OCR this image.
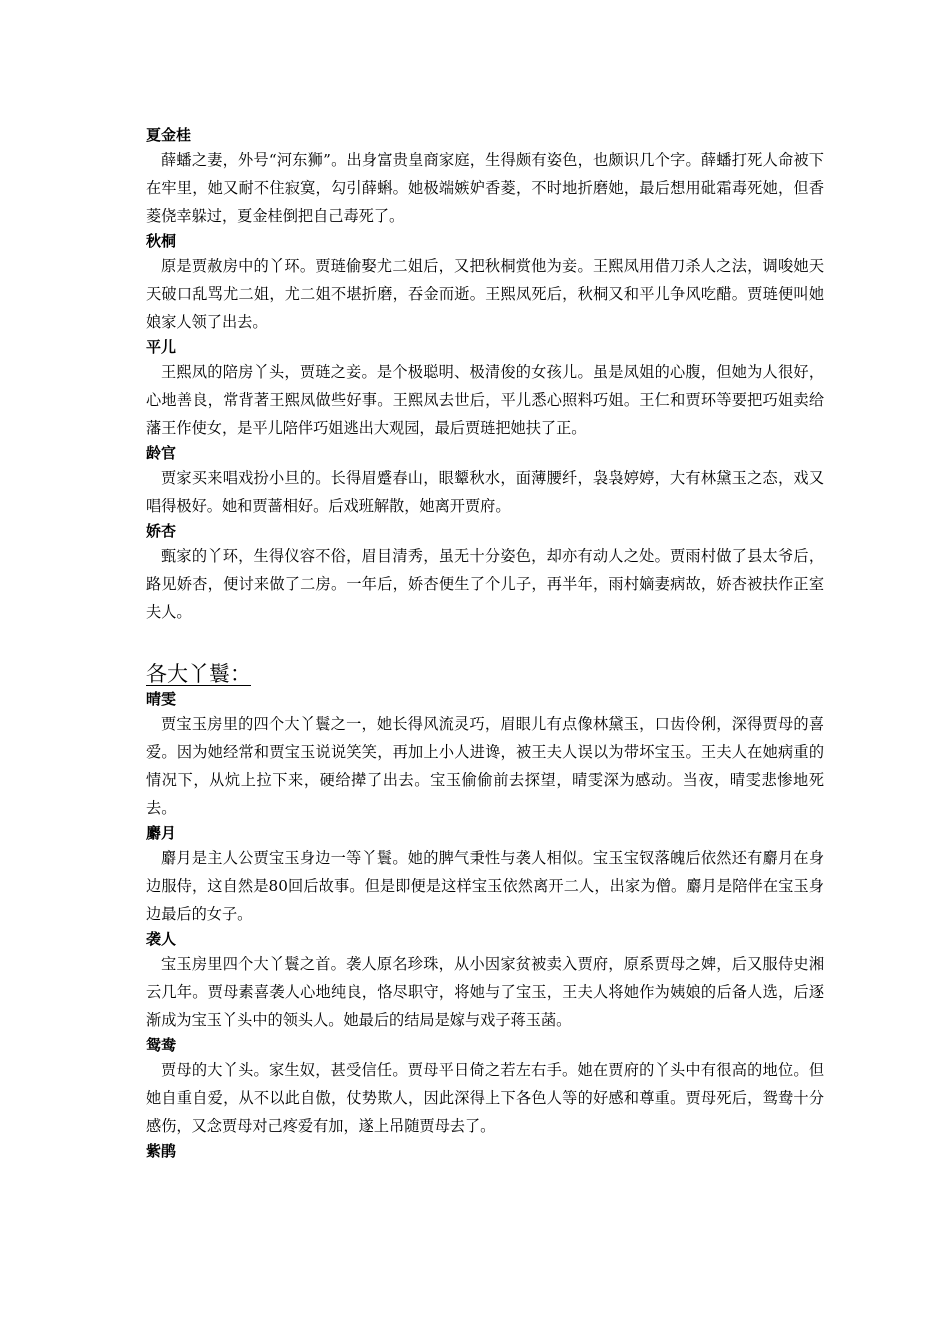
夏金桂

薛蟠之妻，外号“河东狮”。出身富贵皇商家庭，生得颇有姿色，也颇识几个字。薛蟠打死人命被下在牢里，她又耐不住寂寞，勾引薛蝌。她极端嫉妒香菱，不时地折磨她，最后想用砒霜毒死她，但香菱侥幸躲过，夏金桂倒把自己毒死了。

秋桐

原是贾赦房中的丫环。贾琏偷娶尤二姐后，又把秋桐赏他为妾。王熙凤用借刀杀人之法，调唆她天天破口乱骂尤二姐，尤二姐不堪折磨，吞金而逝。王熙凤死后，秋桐又和平儿争风吃醋。贾琏便叫她娘家人领了出去。

平儿

王熙凤的陪房丫头，贾琏之妾。是个极聪明、极清俊的女孩儿。虽是凤姐的心腹，但她为人很好，心地善良，常背著王熙凤做些好事。王熙凤去世后，平儿悉心照料巧姐。王仁和贾环等要把巧姐卖给藩王作使女，是平儿陪伴巧姐逃出大观园，最后贾琏把她扶了正。

龄官

贾家买来唱戏扮小旦的。长得眉蹙春山，眼颦秋水，面薄腰纤，袅袅婷婷，大有林黛玉之态，戏又唱得极好。她和贾蔷相好。后戏班解散，她离开贾府。

娇杏

甄家的丫环，生得仪容不俗，眉目清秀，虽无十分姿色，却亦有动人之处。贾雨村做了县太爷后，路见娇杏，便讨来做了二房。一年后，娇杏便生了个儿子，再半年，雨村嫡妻病故，娇杏被扶作正室夫人。

各大丫鬟：
晴雯

贾宝玉房里的四个大丫鬟之一，她长得风流灵巧，眉眼儿有点像林黛玉，口齿伶俐，深得贾母的喜爱。因为她经常和贾宝玉说说笑笑，再加上小人进谗，被王夫人误以为带坏宝玉。王夫人在她病重的情况下，从炕上拉下来，硬给撵了出去。宝玉偷偷前去探望，晴雯深为感动。当夜，晴雯悲惨地死去。

麝月

麝月是主人公贾宝玉身边一等丫鬟。她的脾气秉性与袭人相似。宝玉宝钗落魄后依然还有麝月在身边服侍，这自然是80回后故事。但是即便是这样宝玉依然离开二人，出家为僧。麝月是陪伴在宝玉身边最后的女子。

袭人

宝玉房里四个大丫鬟之首。袭人原名珍珠，从小因家贫被卖入贾府，原系贾母之婢，后又服侍史湘云几年。贾母素喜袭人心地纯良，恪尽职守，将她与了宝玉，王夫人将她作为姨娘的后备人选，后逐渐成为宝玉丫头中的领头人。她最后的结局是嫁与戏子蒋玉菡。

鸳鸯

贾母的大丫头。家生奴，甚受信任。贾母平日倚之若左右手。她在贾府的丫头中有很高的地位。但她自重自爱，从不以此自傲，仗势欺人，因此深得上下各色人等的好感和尊重。贾母死后，鸳鸯十分感伤，又念贾母对己疼爱有加，遂上吊随贾母去了。

紫鹃
